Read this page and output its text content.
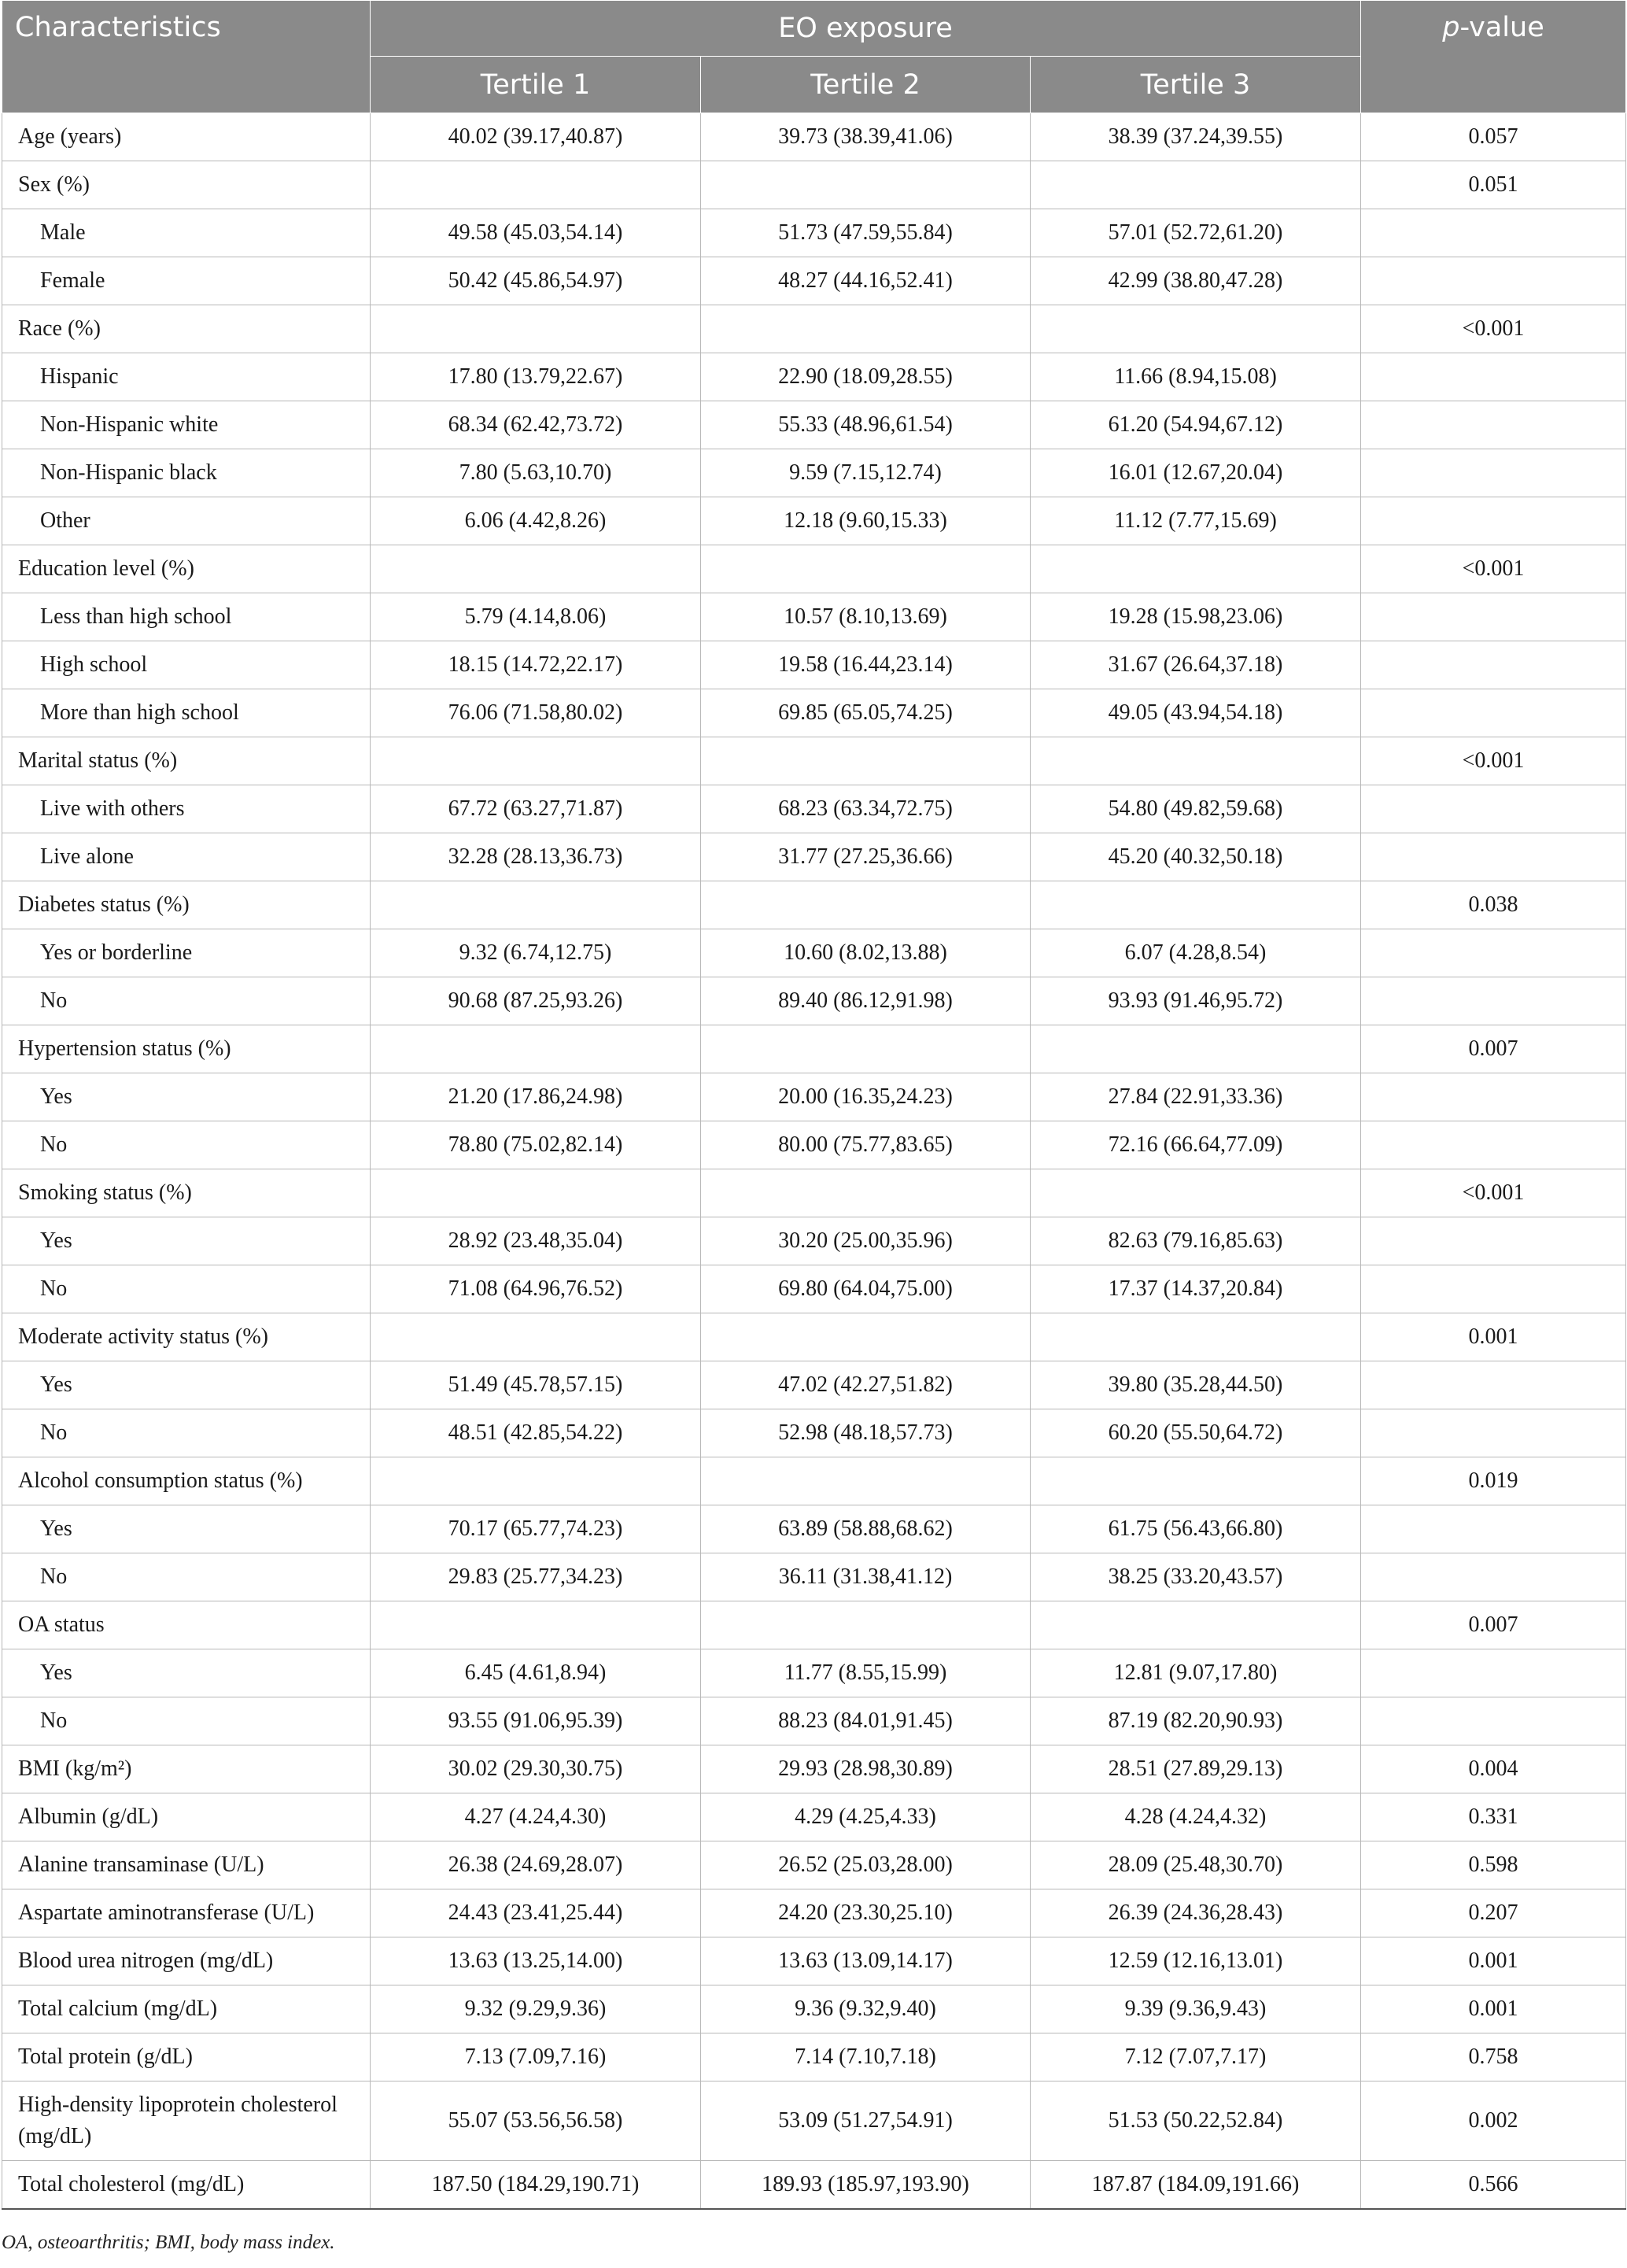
Characteristics	EO exposure			p-value
	Tertile 1	Tertile 2	Tertile 3	
Age (years)	40.02 (39.17,40.87)	39.73 (38.39,41.06)	38.39 (37.24,39.55)	0.057
Sex (%)				0.051
Male	49.58 (45.03,54.14)	51.73 (47.59,55.84)	57.01 (52.72,61.20)	
Female	50.42 (45.86,54.97)	48.27 (44.16,52.41)	42.99 (38.80,47.28)	
Race (%)				<0.001
Hispanic	17.80 (13.79,22.67)	22.90 (18.09,28.55)	11.66 (8.94,15.08)	
Non-Hispanic white	68.34 (62.42,73.72)	55.33 (48.96,61.54)	61.20 (54.94,67.12)	
Non-Hispanic black	7.80 (5.63,10.70)	9.59 (7.15,12.74)	16.01 (12.67,20.04)	
Other	6.06 (4.42,8.26)	12.18 (9.60,15.33)	11.12 (7.77,15.69)	
Education level (%)				<0.001
Less than high school	5.79 (4.14,8.06)	10.57 (8.10,13.69)	19.28 (15.98,23.06)	
High school	18.15 (14.72,22.17)	19.58 (16.44,23.14)	31.67 (26.64,37.18)	
More than high school	76.06 (71.58,80.02)	69.85 (65.05,74.25)	49.05 (43.94,54.18)	
Marital status (%)				<0.001
Live with others	67.72 (63.27,71.87)	68.23 (63.34,72.75)	54.80 (49.82,59.68)	
Live alone	32.28 (28.13,36.73)	31.77 (27.25,36.66)	45.20 (40.32,50.18)	
Diabetes status (%)				0.038
Yes or borderline	9.32 (6.74,12.75)	10.60 (8.02,13.88)	6.07 (4.28,8.54)	
No	90.68 (87.25,93.26)	89.40 (86.12,91.98)	93.93 (91.46,95.72)	
Hypertension status (%)				0.007
Yes	21.20 (17.86,24.98)	20.00 (16.35,24.23)	27.84 (22.91,33.36)	
No	78.80 (75.02,82.14)	80.00 (75.77,83.65)	72.16 (66.64,77.09)	
Smoking status (%)				<0.001
Yes	28.92 (23.48,35.04)	30.20 (25.00,35.96)	82.63 (79.16,85.63)	
No	71.08 (64.96,76.52)	69.80 (64.04,75.00)	17.37 (14.37,20.84)	
Moderate activity status (%)				0.001
Yes	51.49 (45.78,57.15)	47.02 (42.27,51.82)	39.80 (35.28,44.50)	
No	48.51 (42.85,54.22)	52.98 (48.18,57.73)	60.20 (55.50,64.72)	
Alcohol consumption status (%)				0.019
Yes	70.17 (65.77,74.23)	63.89 (58.88,68.62)	61.75 (56.43,66.80)	
No	29.83 (25.77,34.23)	36.11 (31.38,41.12)	38.25 (33.20,43.57)	
OA status				0.007
Yes	6.45 (4.61,8.94)	11.77 (8.55,15.99)	12.81 (9.07,17.80)	
No	93.55 (91.06,95.39)	88.23 (84.01,91.45)	87.19 (82.20,90.93)	
BMI (kg/m²)	30.02 (29.30,30.75)	29.93 (28.98,30.89)	28.51 (27.89,29.13)	0.004
Albumin (g/dL)	4.27 (4.24,4.30)	4.29 (4.25,4.33)	4.28 (4.24,4.32)	0.331
Alanine transaminase (U/L)	26.38 (24.69,28.07)	26.52 (25.03,28.00)	28.09 (25.48,30.70)	0.598
Aspartate aminotransferase (U/L)	24.43 (23.41,25.44)	24.20 (23.30,25.10)	26.39 (24.36,28.43)	0.207
Blood urea nitrogen (mg/dL)	13.63 (13.25,14.00)	13.63 (13.09,14.17)	12.59 (12.16,13.01)	0.001
Total calcium (mg/dL)	9.32 (9.29,9.36)	9.36 (9.32,9.40)	9.39 (9.36,9.43)	0.001
Total protein (g/dL)	7.13 (7.09,7.16)	7.14 (7.10,7.18)	7.12 (7.07,7.17)	0.758
High-density lipoprotein cholesterol (mg/dL)	55.07 (53.56,56.58)	53.09 (51.27,54.91)	51.53 (50.22,52.84)	0.002
Total cholesterol (mg/dL)	187.50 (184.29,190.71)	189.93 (185.97,193.90)	187.87 (184.09,191.66)	0.566
OA, osteoarthritis; BMI, body mass index.
